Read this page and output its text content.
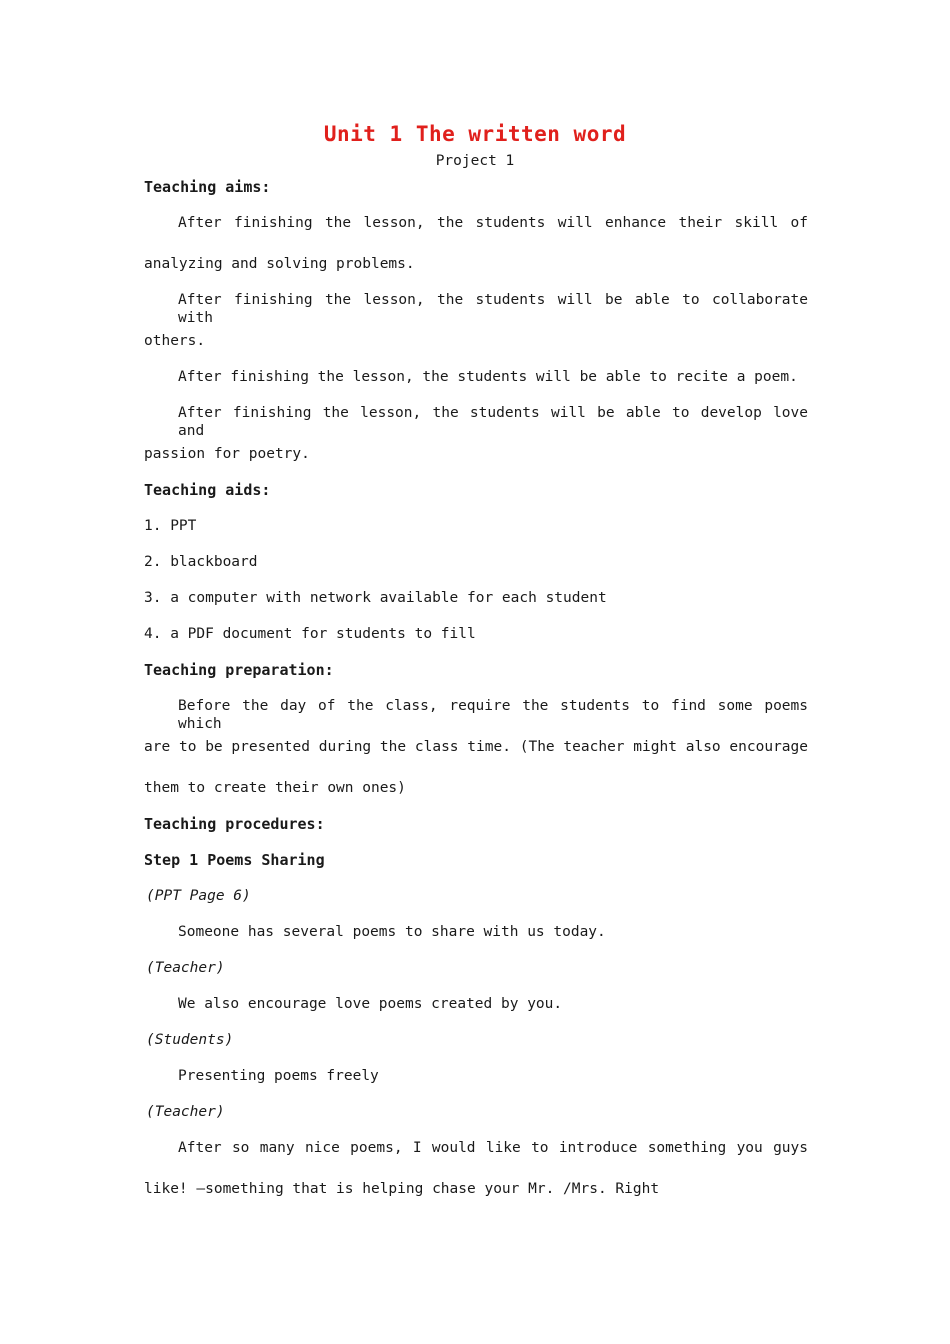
Unit 1 The written word
Project 1
Teaching aims:
After finishing the lesson, the students will enhance their skill of
analyzing and solving problems.
After finishing the lesson, the students will be able to collaborate with
others.
After finishing the lesson, the students will be able to recite a poem.
After finishing the lesson, the students will be able to develop love and
passion for poetry.
Teaching aids:
1. PPT
2. blackboard
3. a computer with network available for each student
4. a PDF document for students to fill
Teaching preparation:
Before the day of the class, require the students to find some poems which
are to be presented during the class time. (The teacher might also encourage
them to create their own ones)
Teaching procedures:
Step 1 Poems Sharing
(PPT Page 6)
Someone has several poems to share with us today.
(Teacher)
We also encourage love poems created by you.
(Students)
Presenting poems freely
(Teacher)
After so many nice poems, I would like to introduce something you guys
like! —something that is helping chase your Mr. /Mrs. Right
